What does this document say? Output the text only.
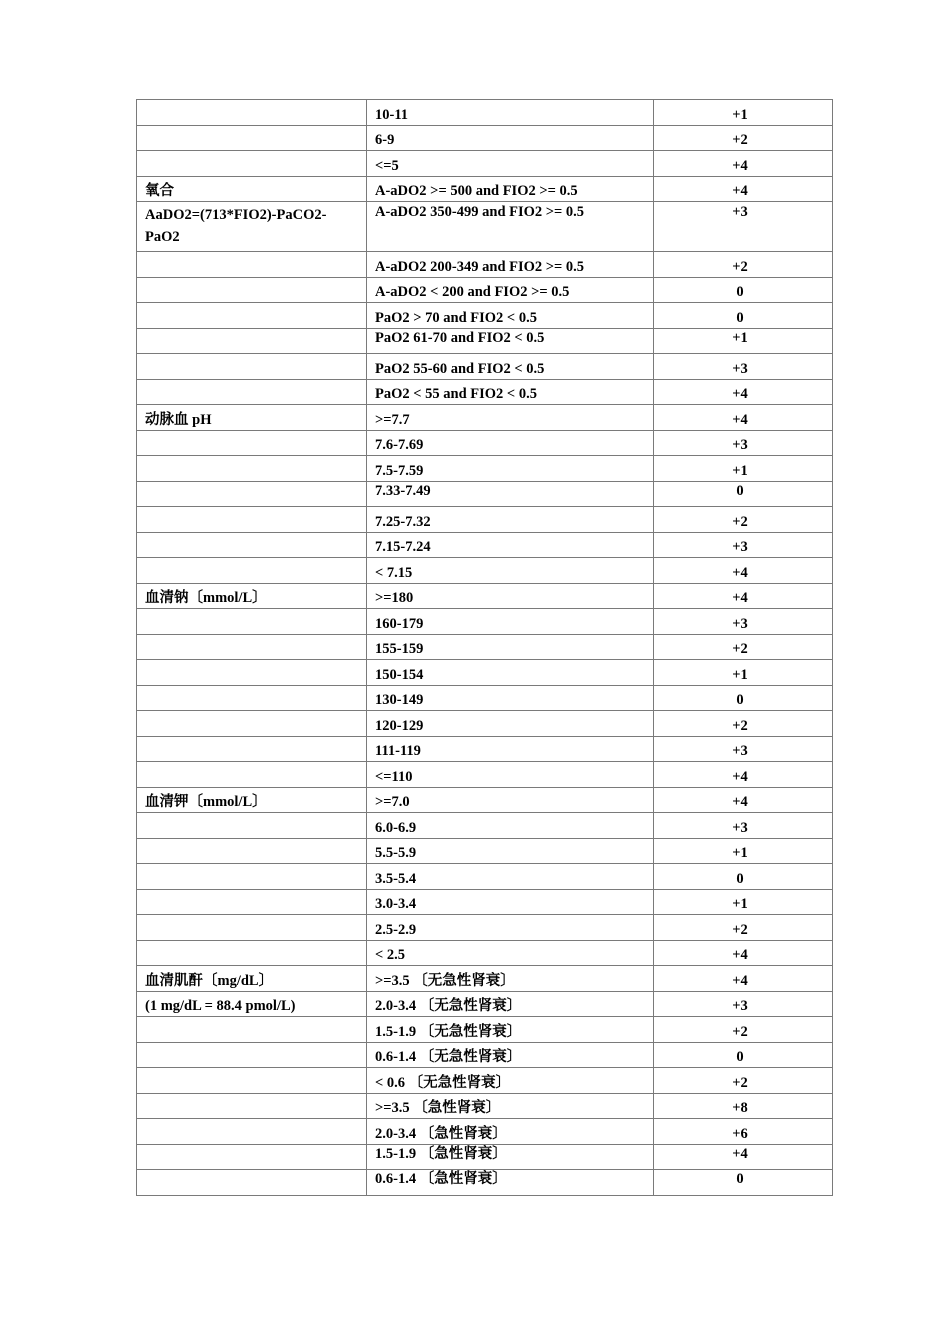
	10-11	+1
	6-9	+2
	<=5	+4
氧合	A-aDO2 >= 500 and FIO2 >= 0.5	+4
AaDO2=(713*FIO2)-PaCO2-PaO2	A-aDO2 350-499 and FIO2 >= 0.5	+3
	A-aDO2 200-349 and FIO2 >= 0.5	+2
	A-aDO2 < 200 and FIO2 >= 0.5	0
	PaO2 > 70 and FIO2 < 0.5	0
	PaO2 61-70 and FIO2 < 0.5	+1
	PaO2 55-60 and FIO2 < 0.5	+3
	PaO2 < 55 and FIO2 < 0.5	+4
动脉血 pH	>=7.7	+4
	7.6-7.69	+3
	7.5-7.59	+1
	7.33-7.49	0
	7.25-7.32	+2
	7.15-7.24	+3
	< 7.15	+4
血清钠〔mmol/L〕	>=180	+4
	160-179	+3
	155-159	+2
	150-154	+1
	130-149	0
	120-129	+2
	111-119	+3
	<=110	+4
血清钾〔mmol/L〕	>=7.0	+4
	6.0-6.9	+3
	5.5-5.9	+1
	3.5-5.4	0
	3.0-3.4	+1
	2.5-2.9	+2
	< 2.5	+4
血清肌酐〔mg/dL〕	>=3.5 〔无急性肾衰〕	+4
(1 mg/dL = 88.4 pmol/L)	2.0-3.4 〔无急性肾衰〕	+3
	1.5-1.9 〔无急性肾衰〕	+2
	0.6-1.4 〔无急性肾衰〕	0
	< 0.6 〔无急性肾衰〕	+2
	>=3.5 〔急性肾衰〕	+8
	2.0-3.4 〔急性肾衰〕	+6
	1.5-1.9 〔急性肾衰〕	+4
	0.6-1.4 〔急性肾衰〕	0
